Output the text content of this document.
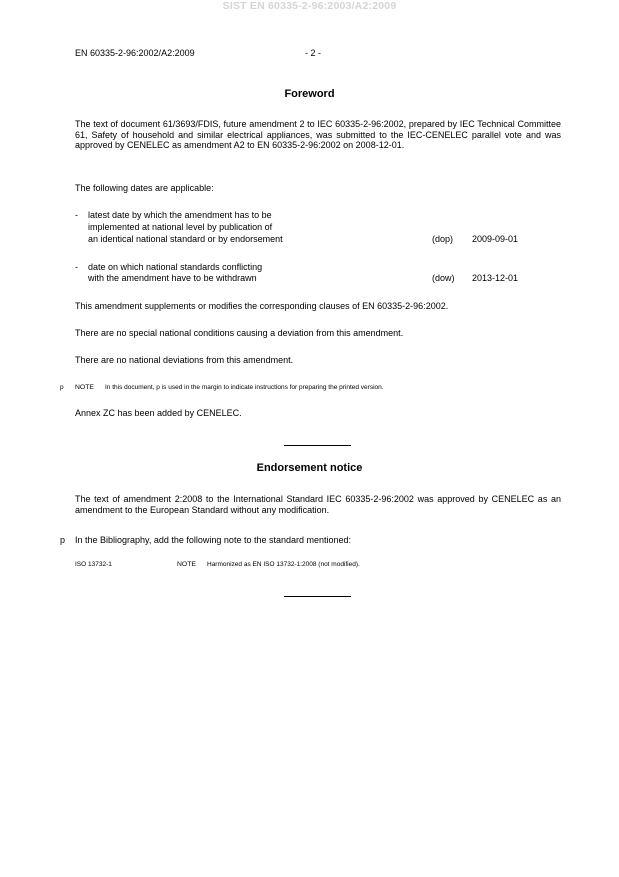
SIST EN 60335-2-96:2003/A2:2009
EN 60335-2-96:2002/A2:2009	- 2 -
Foreword
The text of document 61/3693/FDIS, future amendment 2 to IEC 60335-2-96:2002, prepared by IEC Technical Committee 61, Safety of household and similar electrical appliances, was submitted to the IEC-CENELEC parallel vote and was approved by CENELEC as amendment A2 to EN 60335-2-96:2002 on 2008-12-01.
The following dates are applicable:
- latest date by which the amendment has to be
implemented at national level by publication of
an identical national standard or by endorsement	(dop) 2009-09-01
- date on which national standards conflicting
with the amendment have to be withdrawn	(dow) 2013-12-01
This amendment supplements or modifies the corresponding clauses of EN 60335-2-96:2002.
There are no special national conditions causing a deviation from this amendment.
There are no national deviations from this amendment.
p NOTE In this document, p is used in the margin to indicate instructions for preparing the printed version.
Annex ZC has been added by CENELEC.
Endorsement notice
The text of amendment 2:2008 to the International Standard IEC 60335-2-96:2002 was approved by CENELEC as an amendment to the European Standard without any modification.
p In the Bibliography, add the following note to the standard mentioned:
ISO 13732-1	NOTE Harmonized as EN ISO 13732-1:2008 (not modified).
